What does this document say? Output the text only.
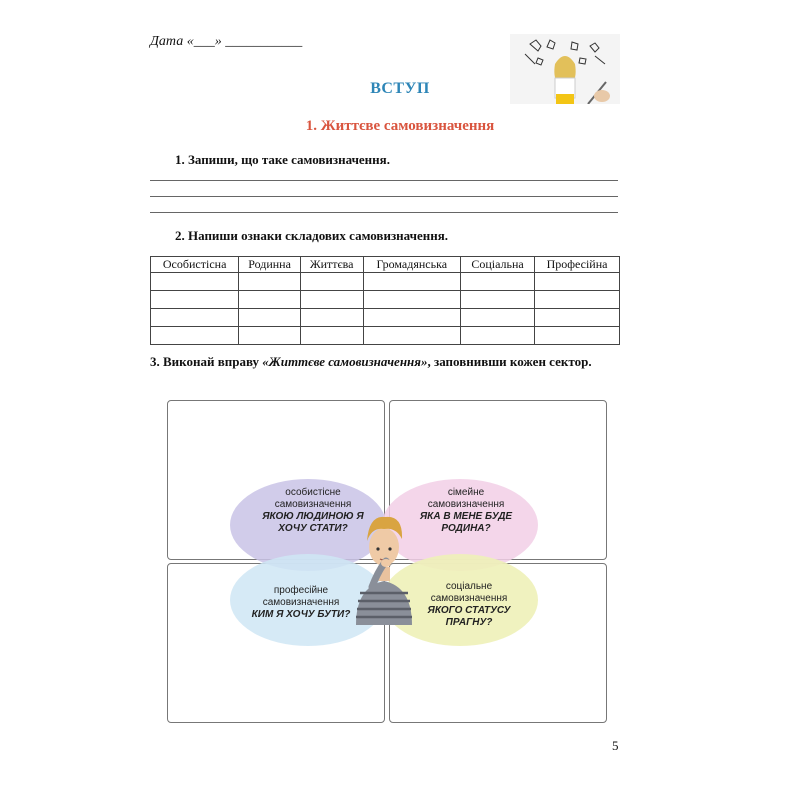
Дата «___» ___________
ВСТУП
1. Життєве самовизначення
1. Запиши, що таке самовизначення.
2. Напиши ознаки складових самовизначення.
Особистісна	Родинна	Життєва	Громадянська	Соціальна	Професійна

3. Виконай вправу «Життєве самовизначення», заповнивши кожен сектор.
особистісне
самовизначення
ЯКОЮ ЛЮДИНОЮ Я
ХОЧУ СТАТИ?
сімейне
самовизначення
ЯКА В МЕНЕ БУДЕ
РОДИНА?
професійне
самовизначення
КИМ Я ХОЧУ БУТИ?
соціальне
самовизначення
ЯКОГО СТАТУСУ
ПРАГНУ?
5
